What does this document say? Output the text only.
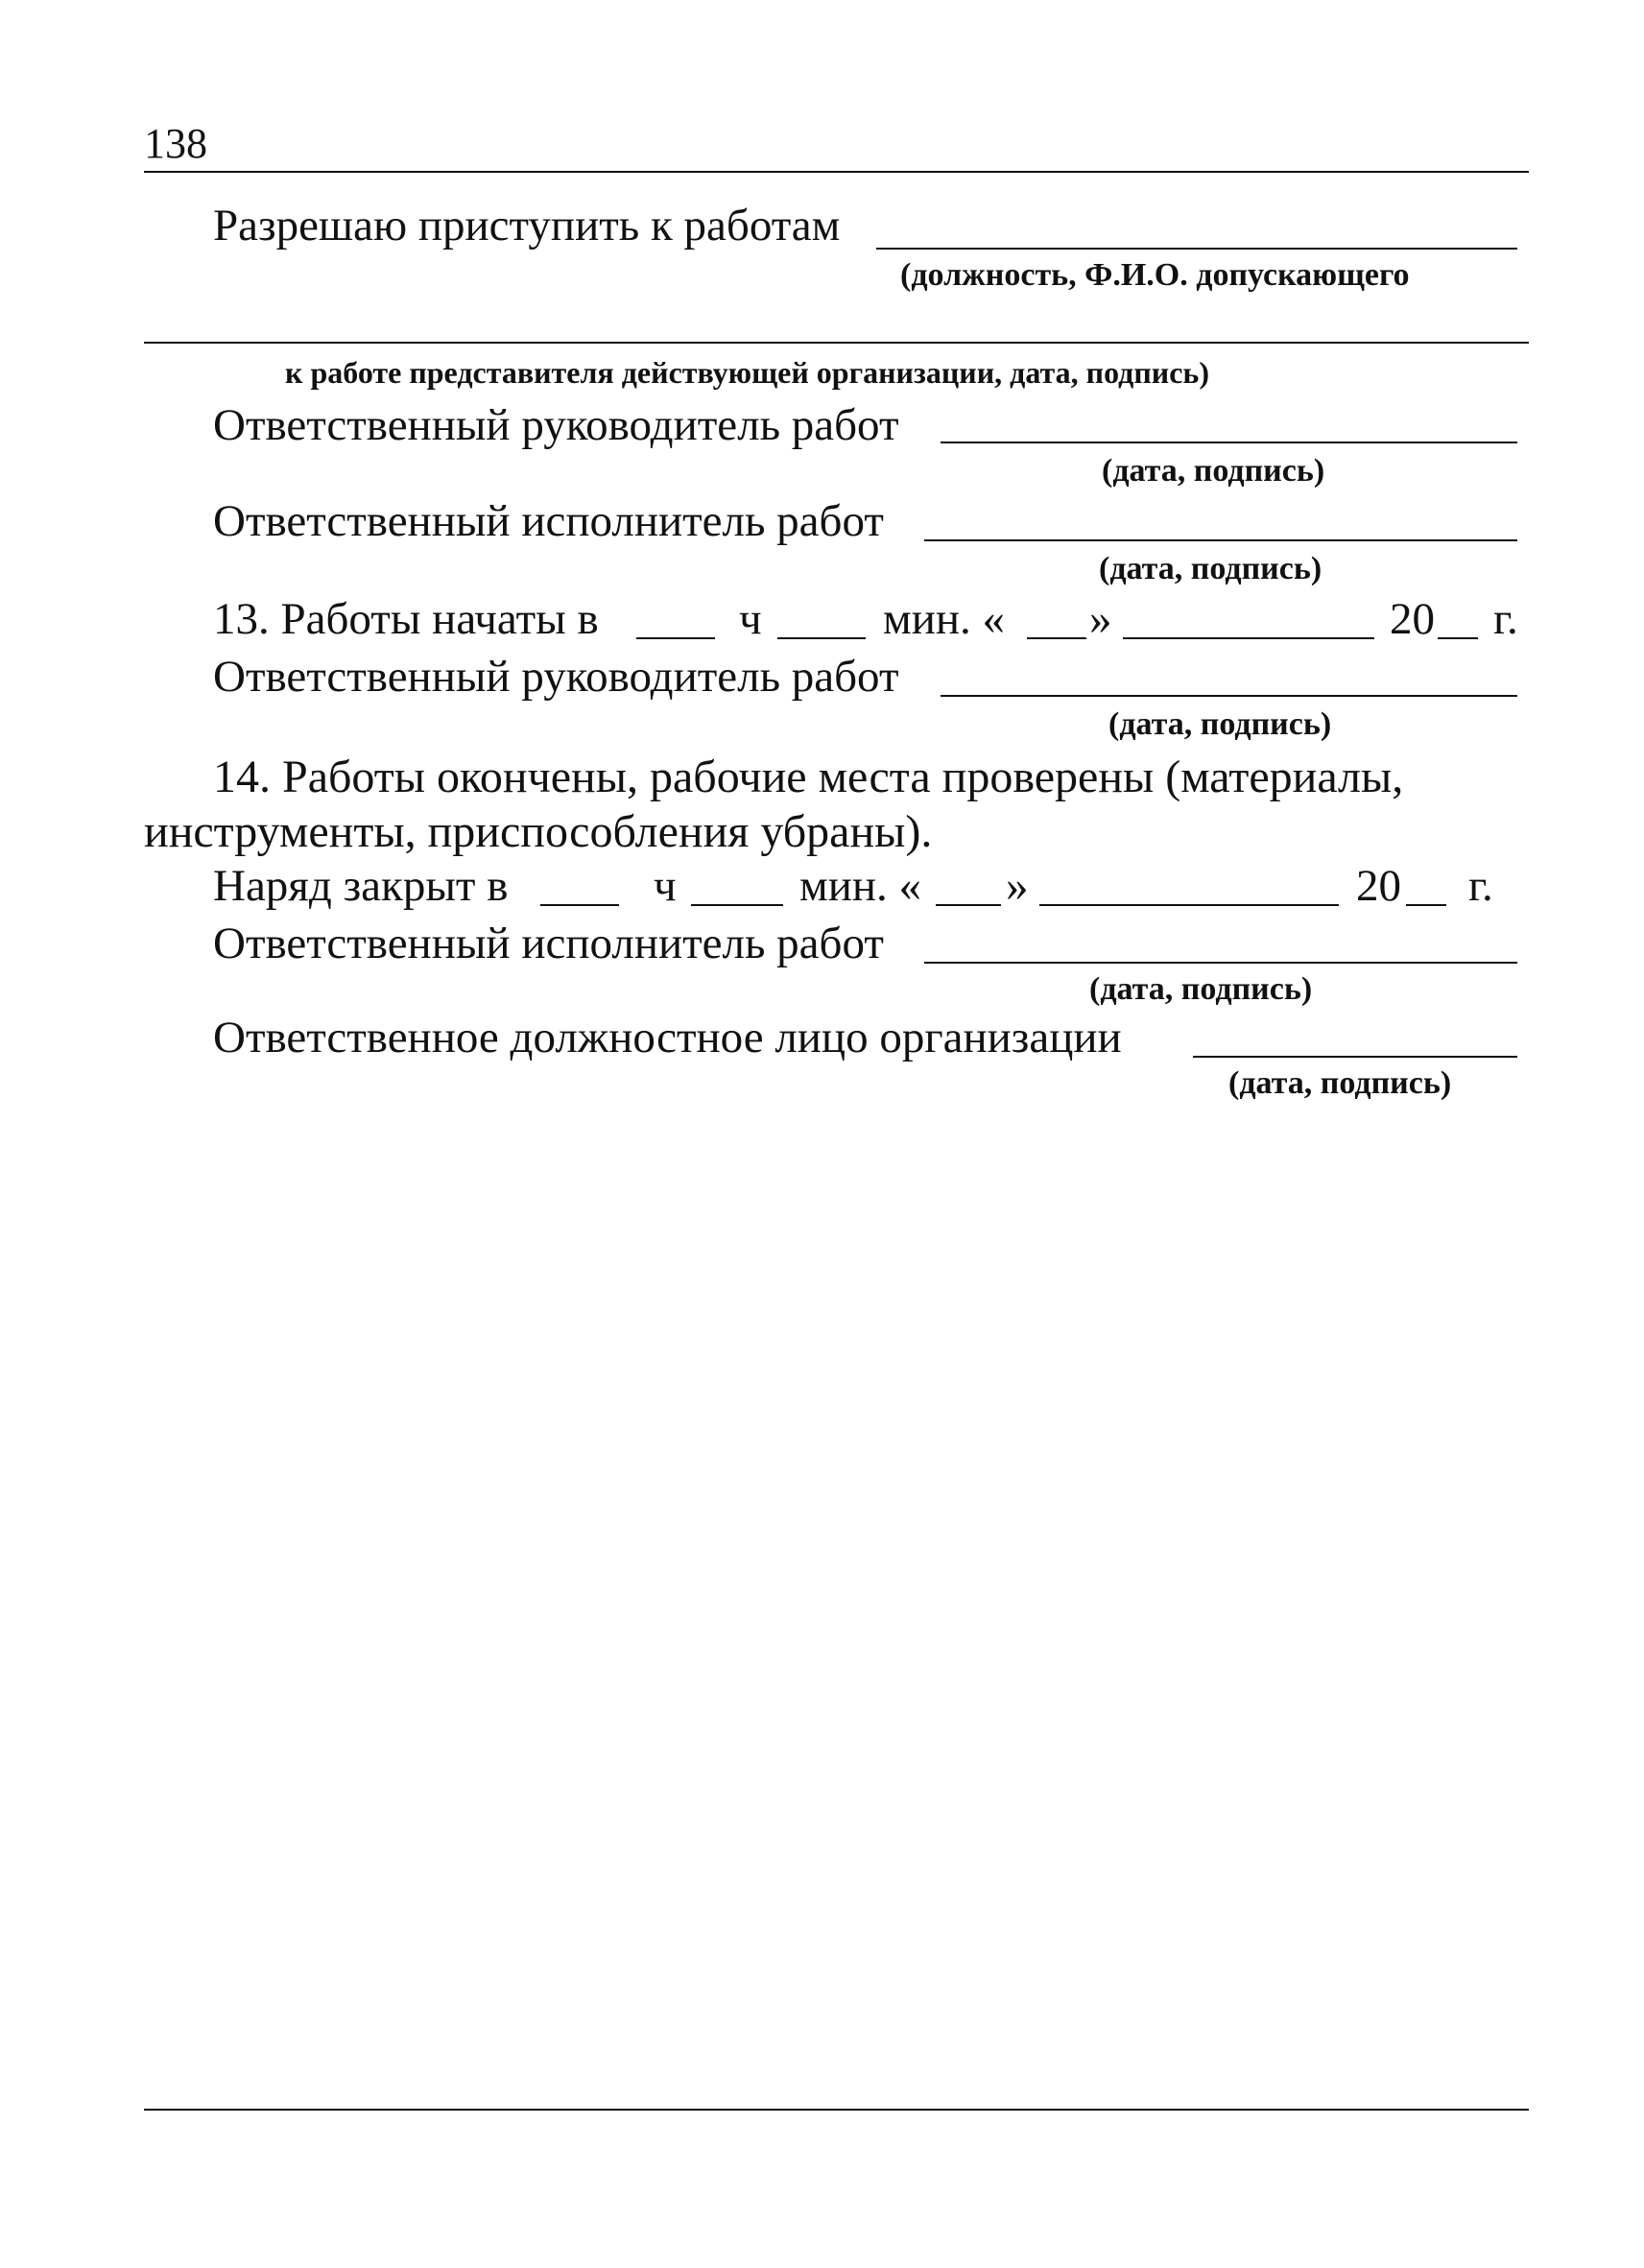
138
Разрешаю приступить к работам
(должность, Ф.И.О. допускающего
к работе представителя действующей организации, дата, подпись)
Ответственный руководитель работ
(дата, подпись)
Ответственный исполнитель работ
(дата, подпись)
13. Работы начаты в	ч	мин. « »	20 г.
Ответственный руководитель работ
(дата, подпись)
14. Работы окончены, рабочие места проверены (материалы,
инструменты, приспособления убраны).
Наряд закрыт в	ч	мин. « »	20 г.
Ответственный исполнитель работ
(дата, подпись)
Ответственное должностное лицо организации
(дата, подпись)
